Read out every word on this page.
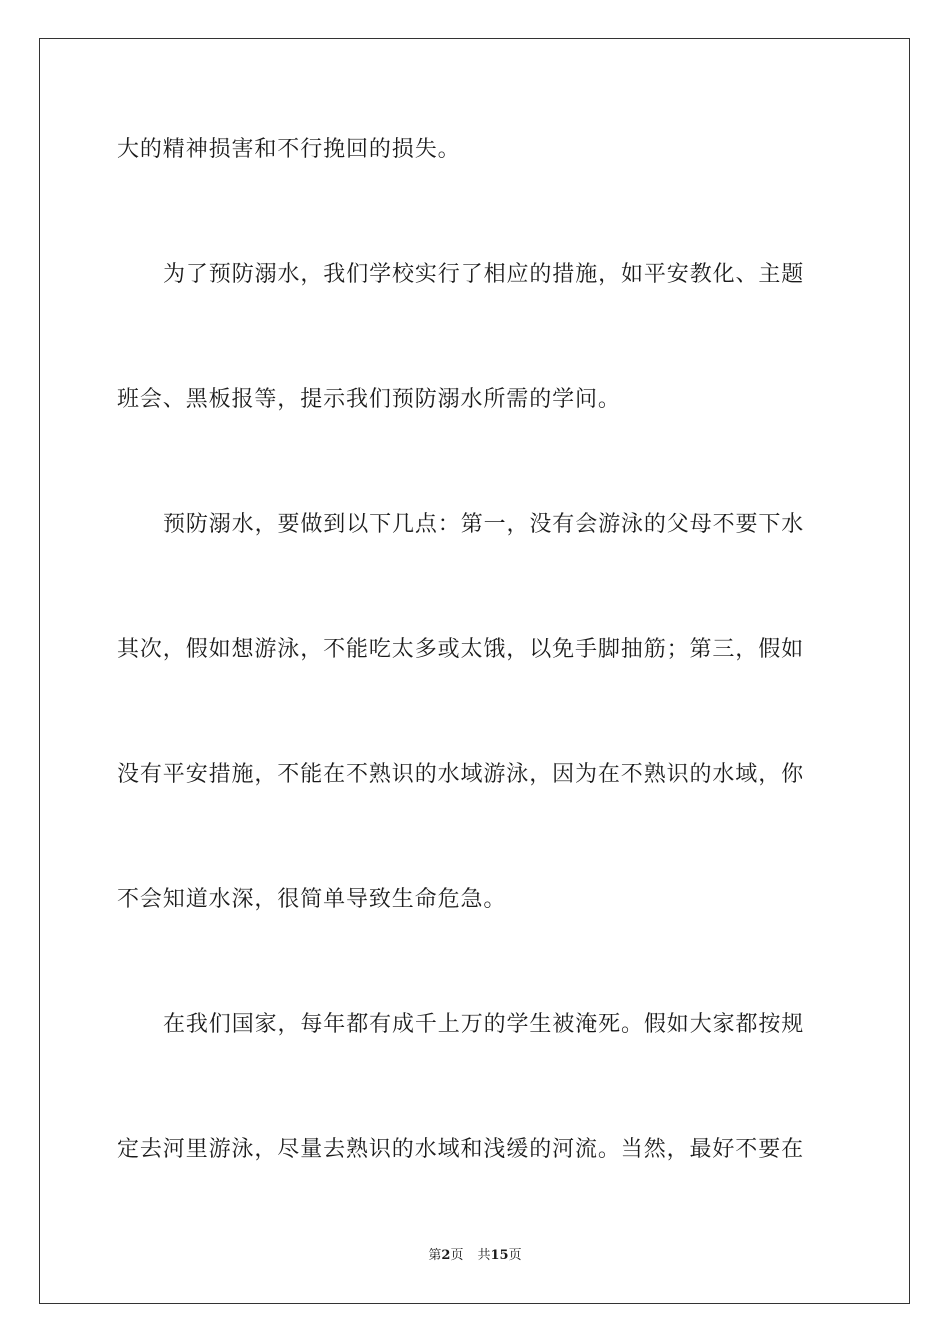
大的精神损害和不行挽回的损失。
为了预防溺水，我们学校实行了相应的措施，如平安教化、主题
班会、黑板报等，提示我们预防溺水所需的学问。
预防溺水，要做到以下几点：第一，没有会游泳的父母不要下水
其次，假如想游泳，不能吃太多或太饿，以免手脚抽筋；第三，假如
没有平安措施，不能在不熟识的水域游泳，因为在不熟识的水域，你
不会知道水深，很简单导致生命危急。
在我们国家，每年都有成千上万的学生被淹死。假如大家都按规
定去河里游泳，尽量去熟识的水域和浅缓的河流。当然，最好不要在
第2页 共15页
